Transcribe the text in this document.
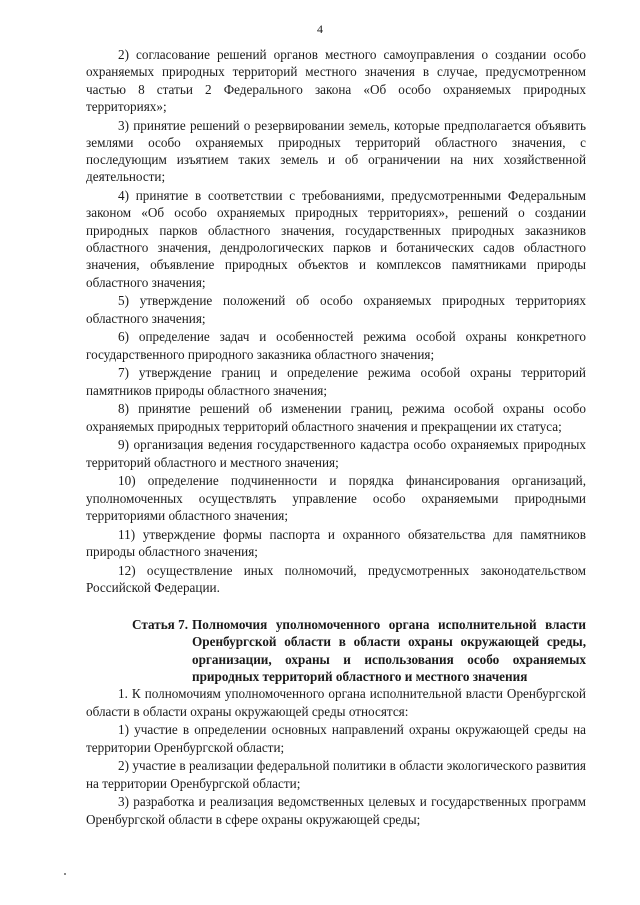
4

2) согласование решений органов местного самоуправления о создании особо охраняемых природных территорий местного значения в случае, предусмотренном частью 8 статьи 2 Федерального закона «Об особо охраняемых природных территориях»;

3) принятие решений о резервировании земель, которые предполагается объявить землями особо охраняемых природных территорий областного значения, с последующим изъятием таких земель и об ограничении на них хозяйственной деятельности;

4) принятие в соответствии с требованиями, предусмотренными Федеральным законом «Об особо охраняемых природных территориях», решений о создании природных парков областного значения, государственных природных заказников областного значения, дендрологических парков и ботанических садов областного значения, объявление природных объектов и комплексов памятниками природы областного значения;

5) утверждение положений об особо охраняемых природных территориях областного значения;

6) определение задач и особенностей режима особой охраны конкретного государственного природного заказника областного значения;

7) утверждение границ и определение режима особой охраны территорий памятников природы областного значения;

8) принятие решений об изменении границ, режима особой охраны особо охраняемых природных территорий областного значения и прекращении их статуса;

9) организация ведения государственного кадастра особо охраняемых природных территорий областного и местного значения;

10) определение подчиненности и порядка финансирования организаций, уполномоченных осуществлять управление особо охраняемыми природными территориями областного значения;

11) утверждение формы паспорта и охранного обязательства для памятников природы областного значения;

12) осуществление иных полномочий, предусмотренных законодательством Российской Федерации.

Статья 7. Полномочия уполномоченного органа исполнительной власти Оренбургской области в области охраны окружающей среды, организации, охраны и использования особо охраняемых природных территорий областного и местного значения

1. К полномочиям уполномоченного органа исполнительной власти Оренбургской области в области охраны окружающей среды относятся:

1) участие в определении основных направлений охраны окружающей среды на территории Оренбургской области;

2) участие в реализации федеральной политики в области экологического развития на территории Оренбургской области;

3) разработка и реализация ведомственных целевых и государственных программ Оренбургской области в сфере охраны окружающей среды;
